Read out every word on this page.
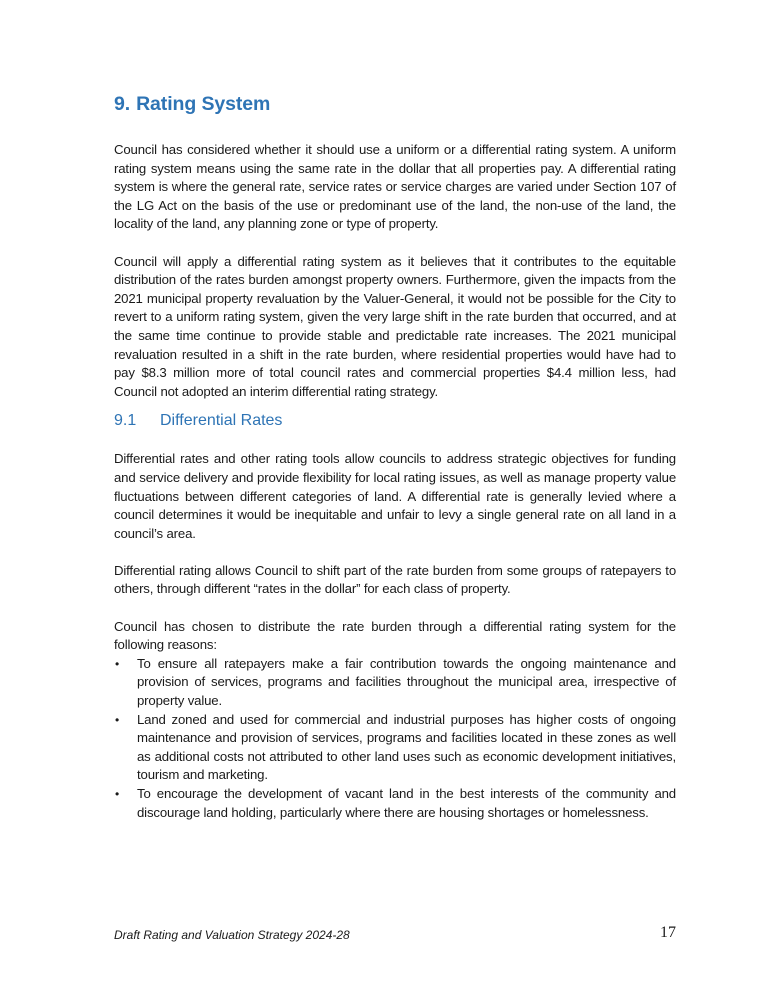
9. Rating System

Council has considered whether it should use a uniform or a differential rating system. A uniform rating system means using the same rate in the dollar that all properties pay. A differential rating system is where the general rate, service rates or service charges are varied under Section 107 of the LG Act on the basis of the use or predominant use of the land, the non-use of the land, the locality of the land, any planning zone or type of property.

Council will apply a differential rating system as it believes that it contributes to the equitable distribution of the rates burden amongst property owners. Furthermore, given the impacts from the 2021 municipal property revaluation by the Valuer-General, it would not be possible for the City to revert to a uniform rating system, given the very large shift in the rate burden that occurred, and at the same time continue to provide stable and predictable rate increases. The 2021 municipal revaluation resulted in a shift in the rate burden, where residential properties would have had to pay $8.3 million more of total council rates and commercial properties $4.4 million less, had Council not adopted an interim differential rating strategy.

9.1 Differential Rates

Differential rates and other rating tools allow councils to address strategic objectives for funding and service delivery and provide flexibility for local rating issues, as well as manage property value fluctuations between different categories of land. A differential rate is generally levied where a council determines it would be inequitable and unfair to levy a single general rate on all land in a council’s area.

Differential rating allows Council to shift part of the rate burden from some groups of ratepayers to others, through different “rates in the dollar” for each class of property.

Council has chosen to distribute the rate burden through a differential rating system for the following reasons:

• To ensure all ratepayers make a fair contribution towards the ongoing maintenance and provision of services, programs and facilities throughout the municipal area, irrespective of property value.
• Land zoned and used for commercial and industrial purposes has higher costs of ongoing maintenance and provision of services, programs and facilities located in these zones as well as additional costs not attributed to other land uses such as economic development initiatives, tourism and marketing.
• To encourage the development of vacant land in the best interests of the community and discourage land holding, particularly where there are housing shortages or homelessness.
Draft Rating and Valuation Strategy 2024-28	17
